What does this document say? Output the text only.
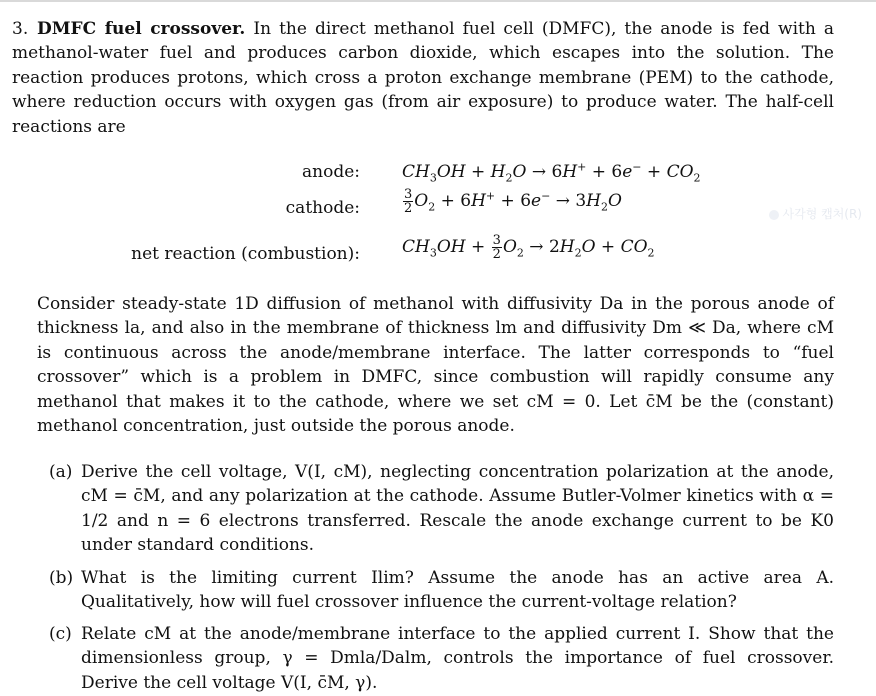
3. DMFC fuel crossover. In the direct methanol fuel cell (DMFC), the anode is fed with a methanol-water fuel and produces carbon dioxide, which escapes into the solution. The reaction produces protons, which cross a proton exchange membrane (PEM) to the cathode, where reduction occurs with oxygen gas (from air exposure) to produce water. The half-cell reactions are
anode: $CH_3OH + H_2O \to 6H^+ + 6e^- + CO_2$
cathode:	$\frac{3}{2} O_2 + 6H^+ + 6e^- \to 3H_2O$
net reaction (combustion): $CH_3OH + \frac{3}{2} O_2 \to 2H_2O + CO_2$
사각형 캡처(R)
Consider steady-state 1D diffusion of methanol with diffusivity Da in the porous anode of thickness la, and also in the membrane of thickness lm and diffusivity Dm ≪ Da, where cM is continuous across the anode/membrane interface. The latter corresponds to “fuel crossover” which is a problem in DMFC, since combustion will rapidly consume any methanol that makes it to the cathode, where we set cM = 0. Let c̄M be the (constant) methanol concentration, just outside the porous anode.
(a) Derive the cell voltage, V(I, cM), neglecting concentration polarization at the anode, cM = c̄M, and any polarization at the cathode. Assume Butler-Volmer kinetics with α = 1/2 and n = 6 electrons transferred. Rescale the anode exchange current to be K0 under standard conditions.
(b) What is the limiting current Ilim? Assume the anode has an active area A. Qualitatively, how will fuel crossover influence the current-voltage relation?
(c) Relate cM at the anode/membrane interface to the applied current I. Show that the dimensionless group, γ = Dmla/Dalm, controls the importance of fuel crossover. Derive the cell voltage V(I, c̄M, γ).
